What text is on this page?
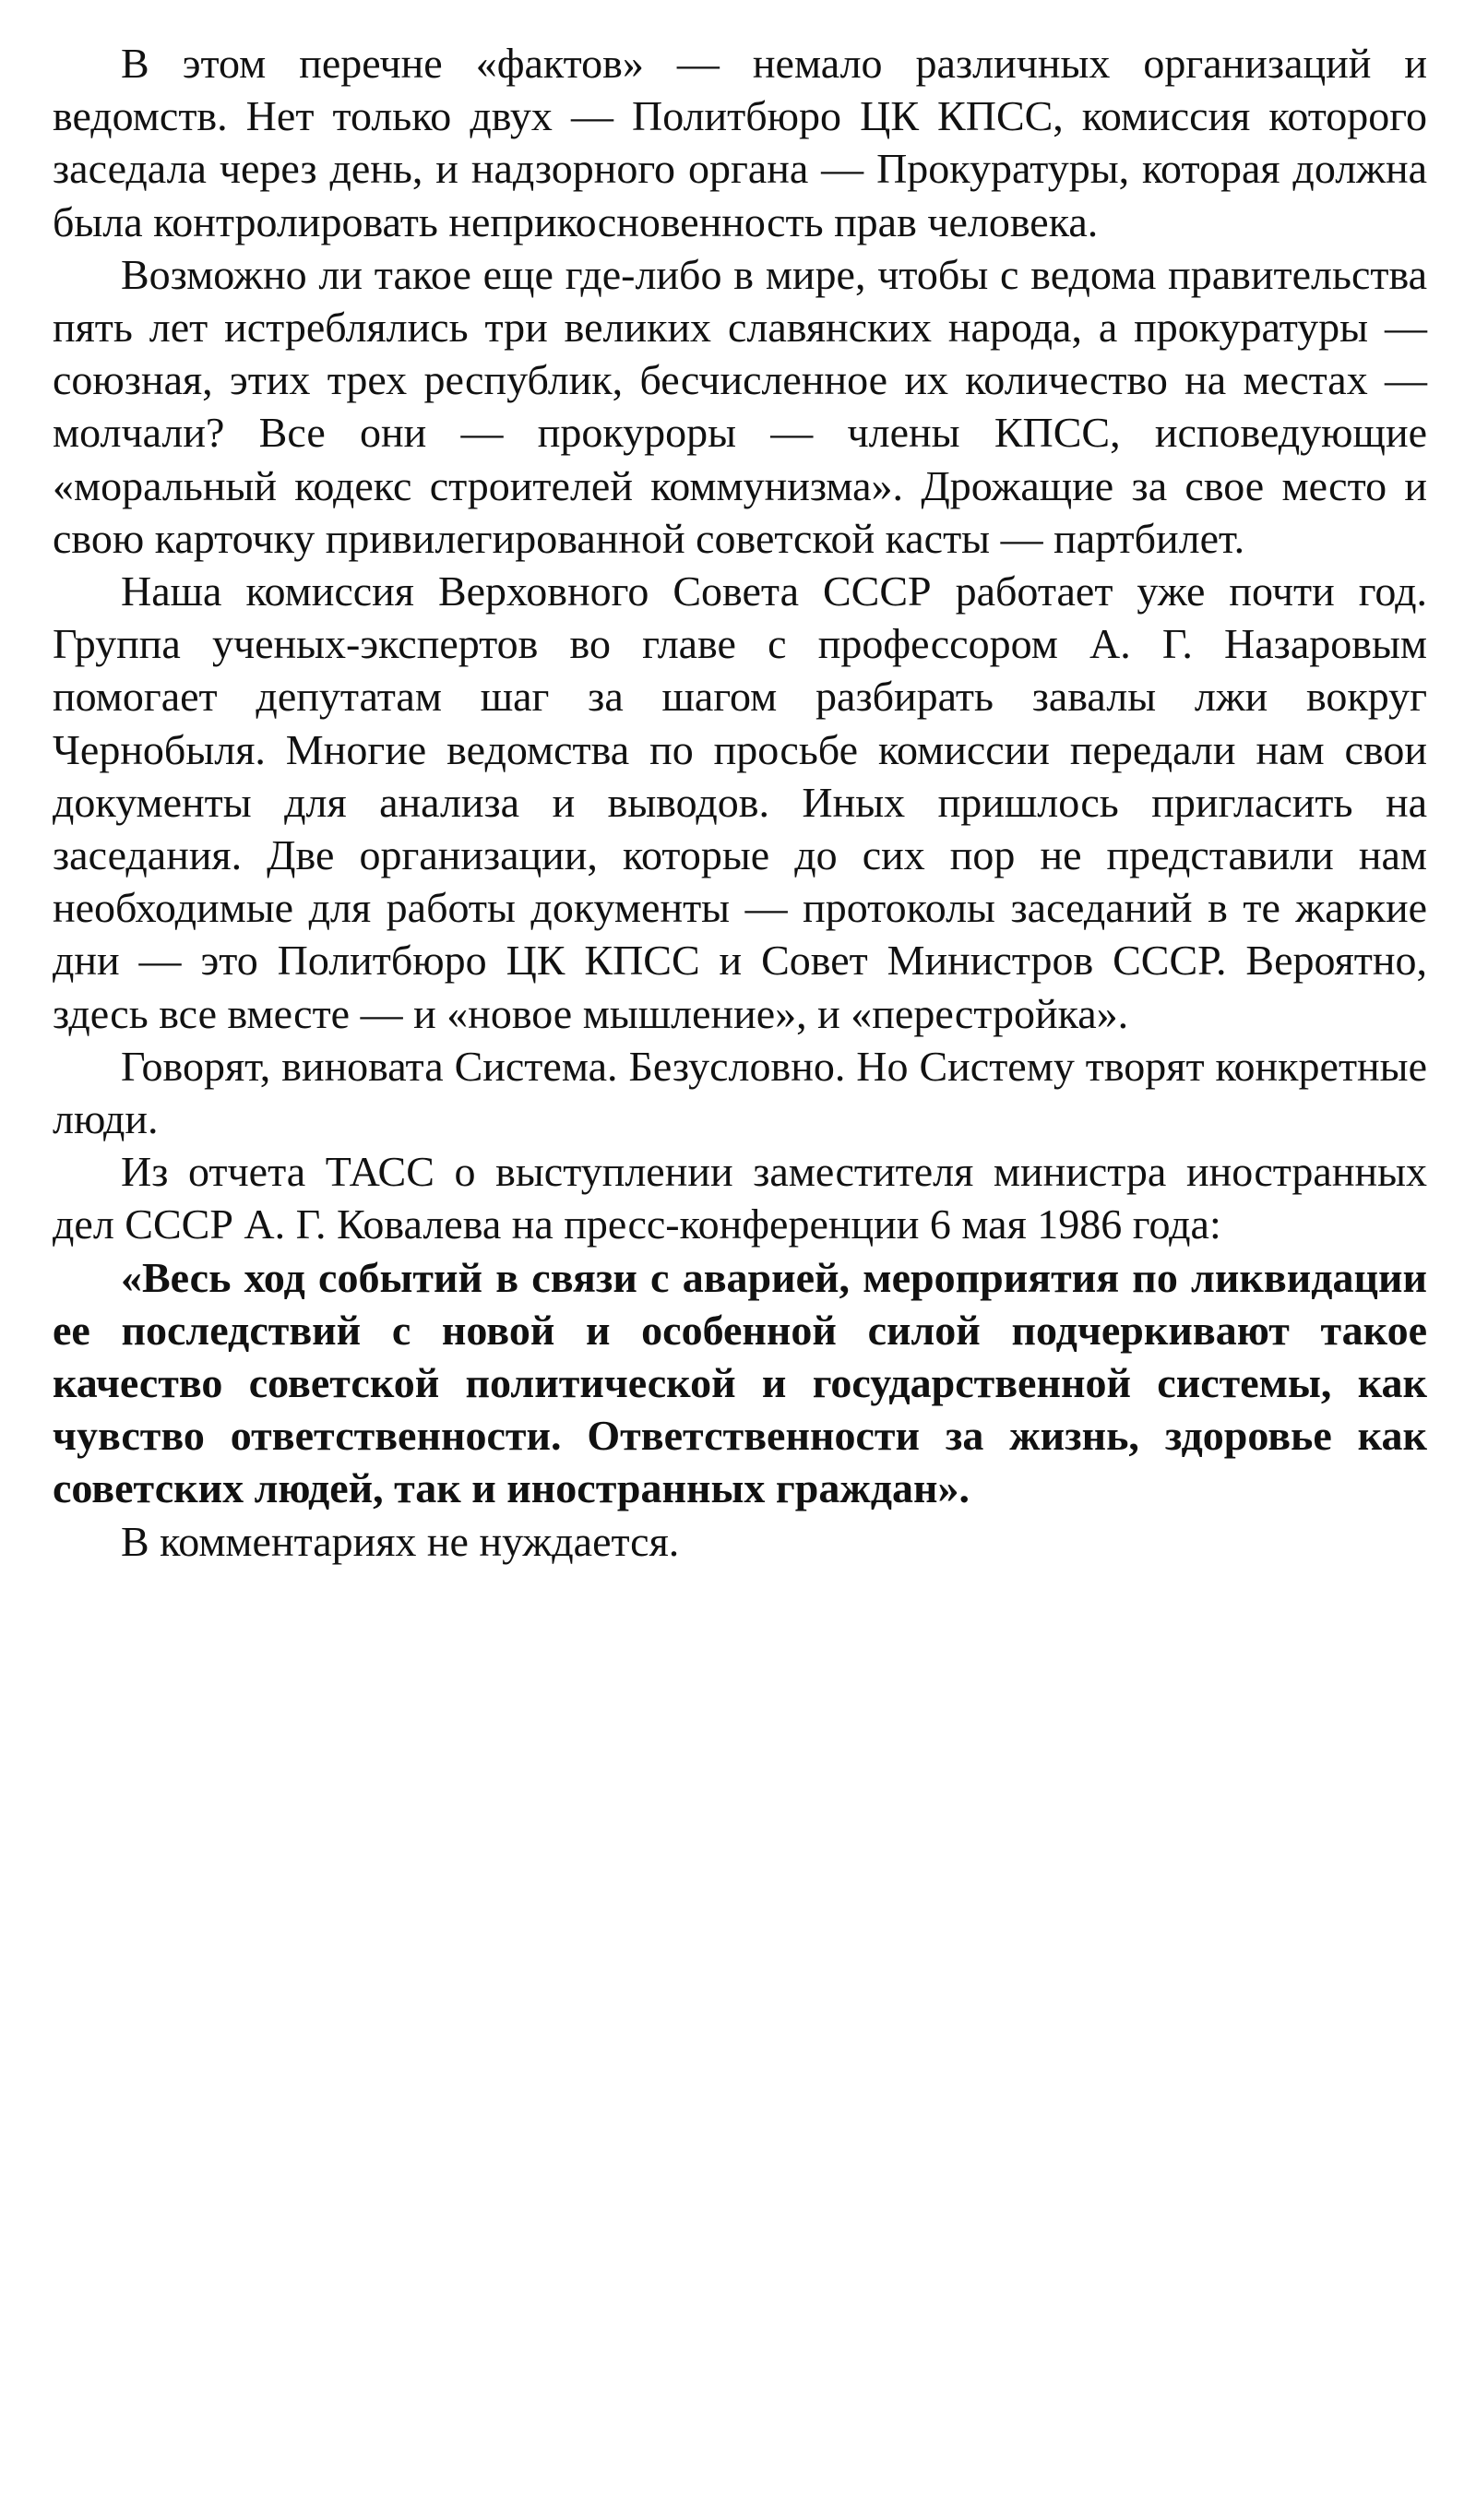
В этом перечне «фактов» — немало различных организаций и ведомств. Нет только двух — Политбюро ЦК КПСС, комиссия которого заседала через день, и надзорного органа — Прокуратуры, которая должна была контролировать неприкосновенность прав человека.

Возможно ли такое еще где-либо в мире, чтобы с ведома правительства пять лет истреблялись три великих славянских народа, а прокуратуры — союзная, этих трех республик, бесчисленное их количество на местах — молчали? Все они — прокуроры — члены КПСС, исповедующие «моральный кодекс строителей коммунизма». Дрожащие за свое место и свою карточку привилегированной советской касты — партбилет.

Наша комиссия Верховного Совета СССР работает уже почти год. Группа ученых-экспертов во главе с профессором А. Г. Назаровым помогает депутатам шаг за шагом разбирать завалы лжи вокруг Чернобыля. Многие ведомства по просьбе комиссии передали нам свои документы для анализа и выводов. Иных пришлось пригласить на заседания. Две организации, которые до сих пор не представили нам необходимые для работы документы — протоколы заседаний в те жаркие дни — это Политбюро ЦК КПСС и Совет Министров СССР. Вероятно, здесь все вместе — и «новое мышление», и «перестройка».

Говорят, виновата Система. Безусловно. Но Систему творят конкретные люди.

Из отчета ТАСС о выступлении заместителя министра иностранных дел СССР А. Г. Ковалева на пресс-конференции 6 мая 1986 года:

«Весь ход событий в связи с аварией, мероприятия по ликвидации ее последствий с новой и особенной силой подчеркивают такое качество советской политической и государственной системы, как чувство ответственности. Ответственности за жизнь, здоровье как советских людей, так и иностранных граждан».

В комментариях не нуждается.
